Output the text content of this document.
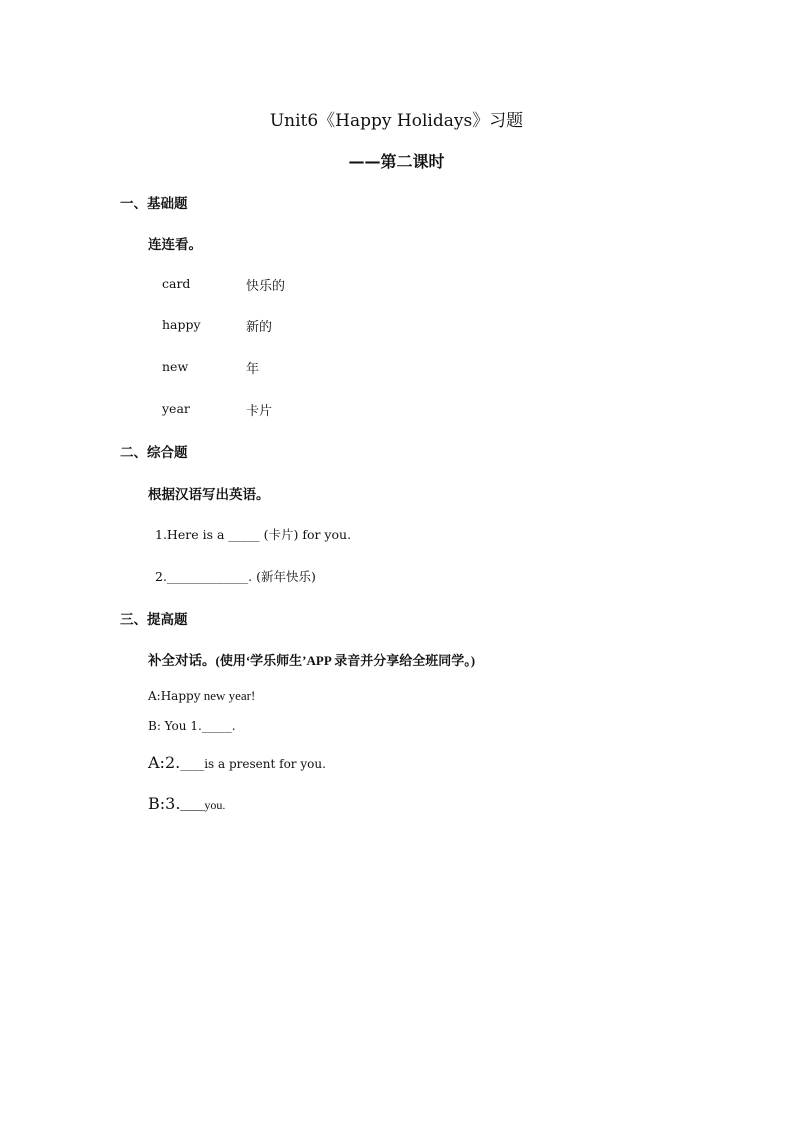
Unit6《Happy Holidays》习题
——第二课时
一、基础题
连连看。
card	快乐的
happy	新的
new	年
year	卡片
二、综合题
根据汉语写出英语。
1.Here is a _____ (卡片) for you.
2._____________. (新年快乐)
三、提高题
补全对话。(使用‘学乐师生’APP 录音并分享给全班同学。)
A:Happy new year!
B: You 1._____.
A:2.____is a present for you.
B:3.____you.
